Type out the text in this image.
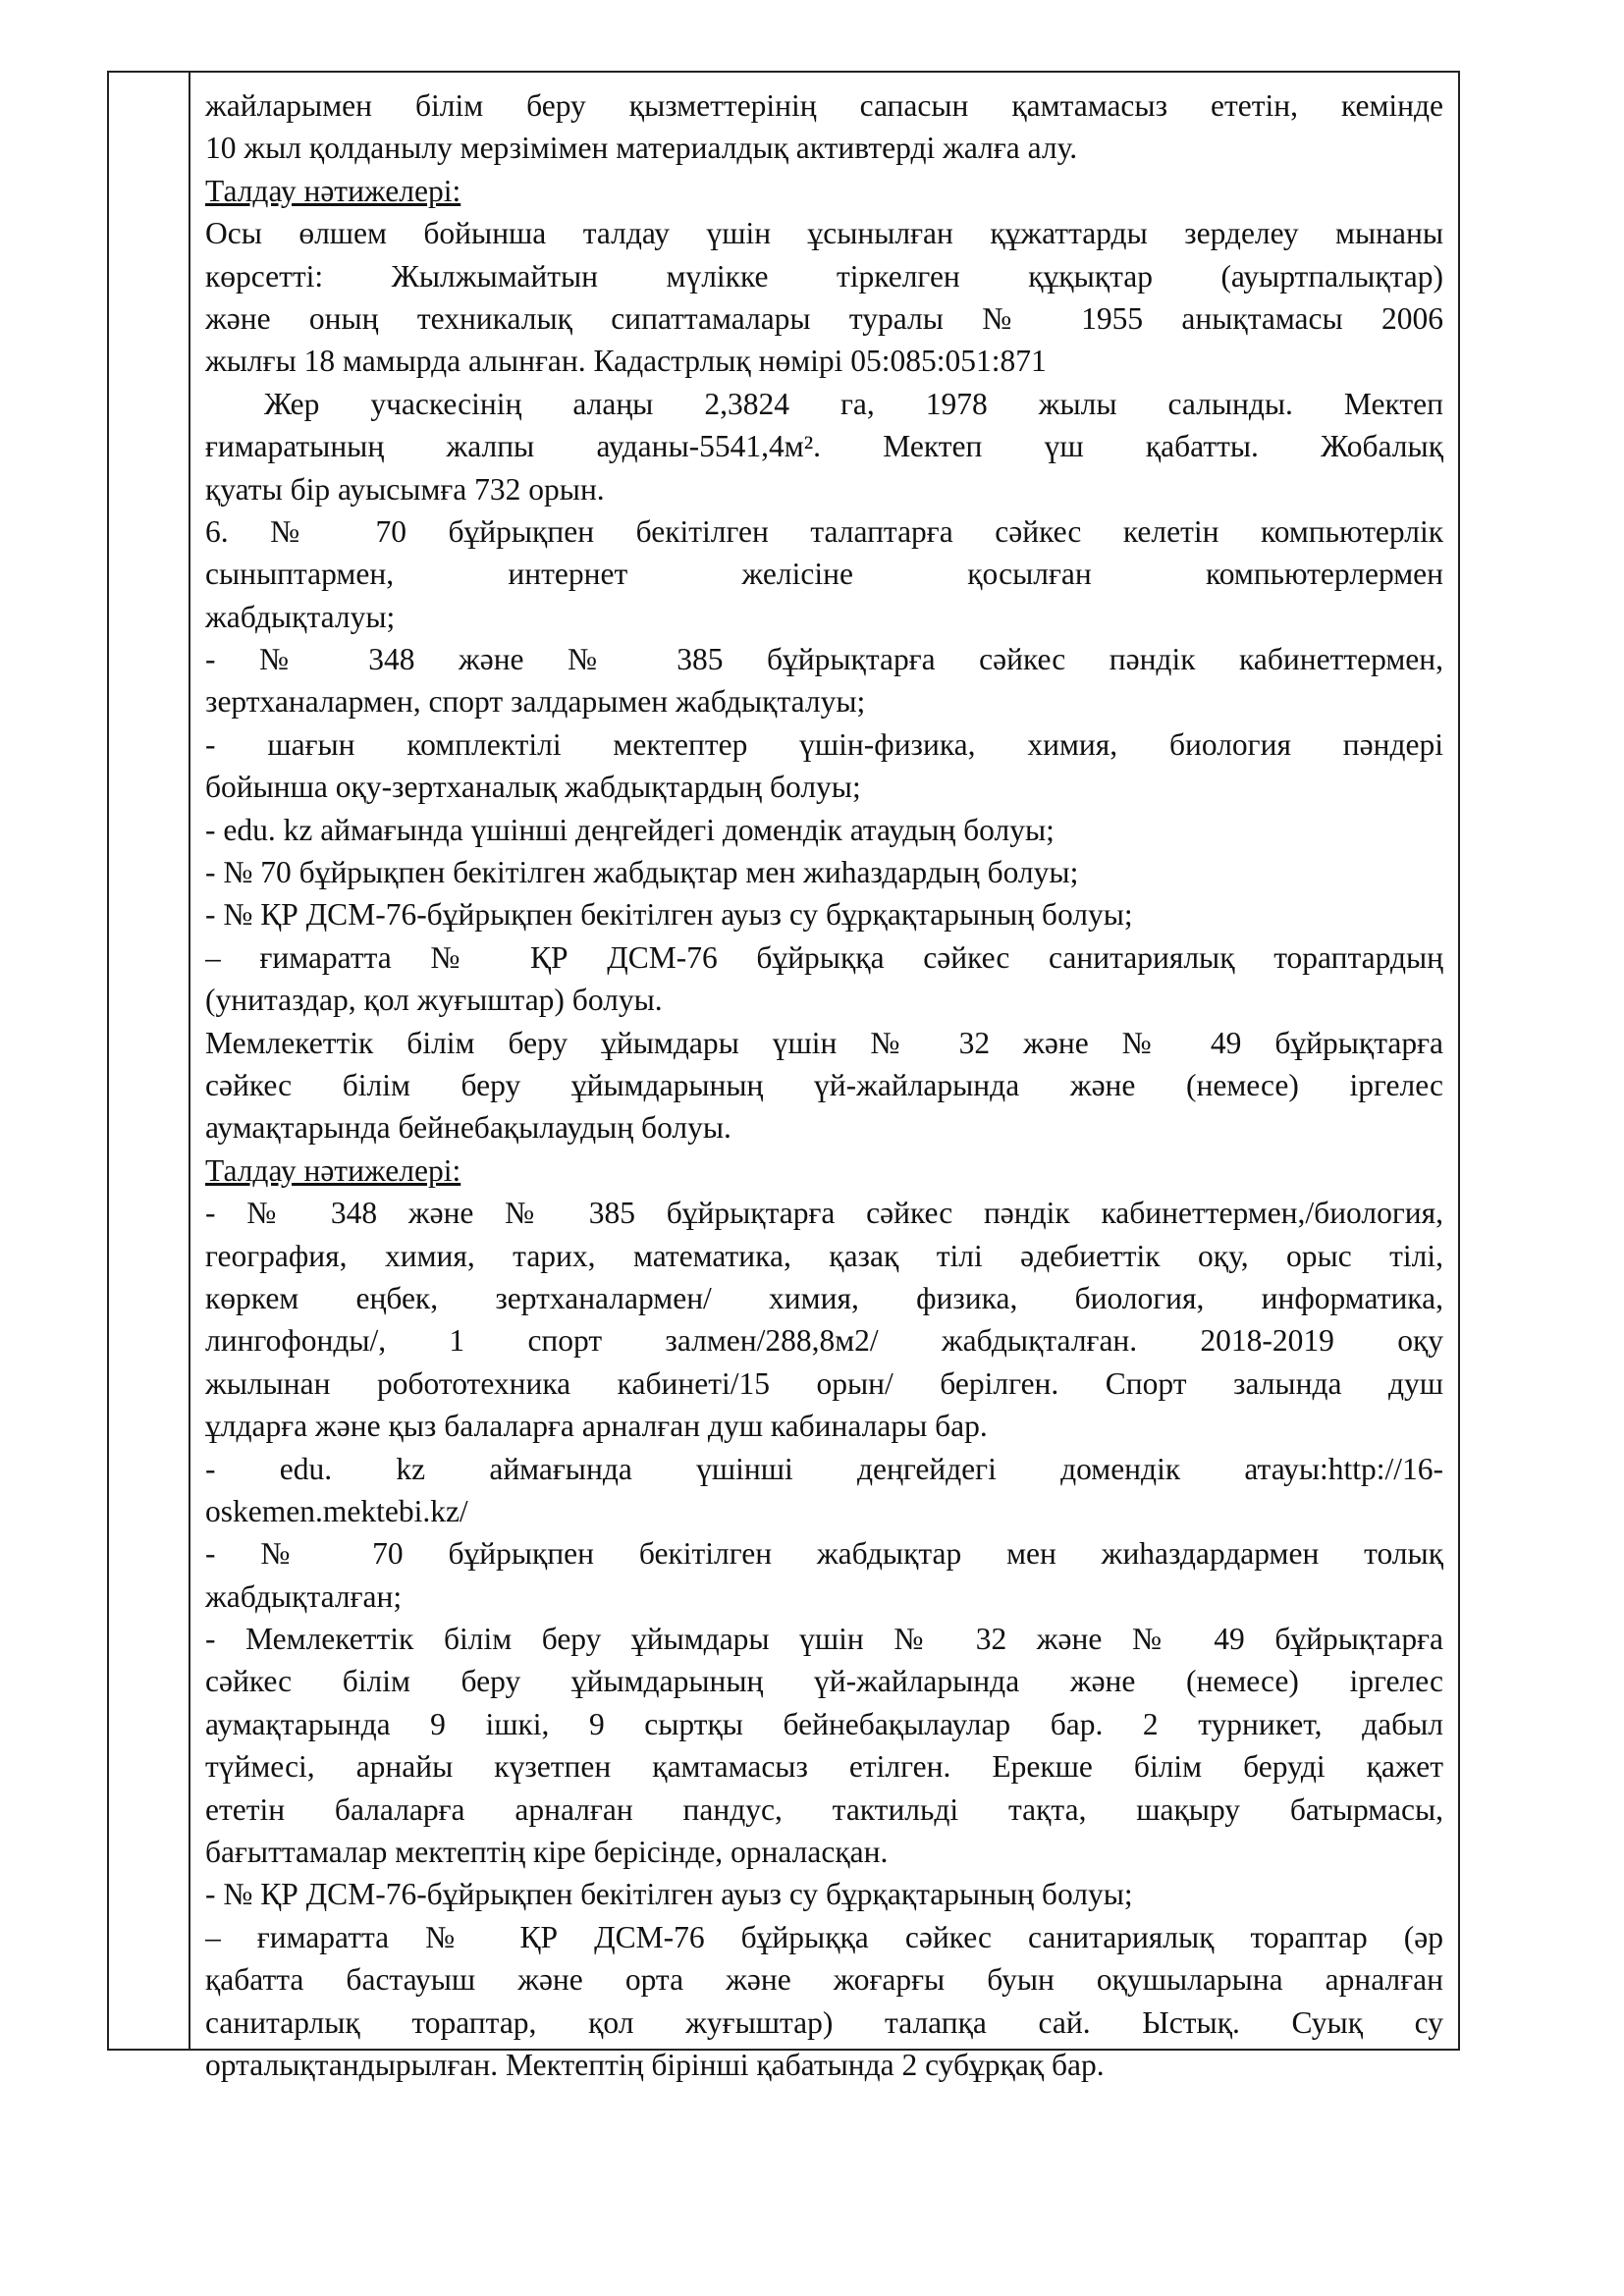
жайларымен білім беру қызметтерінің сапасын қамтамасыз ететін, кемінде
10 жыл қолданылу мерзімімен материалдық активтерді жалға алу.
Талдау нәтижелері:
Осы өлшем бойынша талдау үшін ұсынылған құжаттарды зерделеу мынаны
көрсетті: Жылжымайтын мүлікке тіркелген құқықтар (ауыртпалықтар)
және оның техникалық сипаттамалары туралы № 1955 анықтамасы 2006
жылғы 18 мамырда алынған. Кадастрлық нөмірі 05:085:051:871
Жер учаскесінің алаңы 2,3824 га, 1978 жылы салынды. Мектеп
ғимаратының жалпы ауданы-5541,4м². Мектеп үш қабатты. Жобалық
қуаты бір ауысымға 732 орын.
6. № 70 бұйрықпен бекітілген талаптарға сәйкес келетін компьютерлік
сыныптармен, интернет желісіне қосылған компьютерлермен
жабдықталуы;
- № 348 және № 385 бұйрықтарға сәйкес пәндік кабинеттермен,
зертханалармен, спорт залдарымен жабдықталуы;
- шағын комплектілі мектептер үшін-физика, химия, биология пәндері
бойынша оқу-зертханалық жабдықтардың болуы;
- edu. kz аймағында үшінші деңгейдегі домендік атаудың болуы;
- № 70 бұйрықпен бекітілген жабдықтар мен жиһаздардың болуы;
- № ҚР ДСМ-76-бұйрықпен бекітілген ауыз су бұрқақтарының болуы;
– ғимаратта № ҚР ДСМ-76 бұйрыққа сәйкес санитариялық тораптардың
(унитаздар, қол жуғыштар) болуы.
Мемлекеттік білім беру ұйымдары үшін № 32 және № 49 бұйрықтарға
сәйкес білім беру ұйымдарының үй-жайларында және (немесе) іргелес
аумақтарында бейнебақылаудың болуы.
Талдау нәтижелері:
- № 348 және № 385 бұйрықтарға сәйкес пәндік кабинеттермен,/биология,
география, химия, тарих, математика, қазақ тілі әдебиеттік оқу, орыс тілі,
көркем еңбек, зертханалармен/ химия, физика, биология, информатика,
лингофонды/, 1 спорт залмен/288,8м2/ жабдықталған. 2018-2019 оқу
жылынан робототехника кабинеті/15 орын/ берілген. Спорт залында душ
ұлдарға және қыз балаларға арналған душ кабиналары бар.
- edu. kz аймағында үшінші деңгейдегі домендік атауы:http://16-
oskemen.mektebi.kz/
- № 70 бұйрықпен бекітілген жабдықтар мен жиһаздардармен толық
жабдықталған;
- Мемлекеттік білім беру ұйымдары үшін № 32 және № 49 бұйрықтарға
сәйкес білім беру ұйымдарының үй-жайларында және (немесе) іргелес
аумақтарында 9 ішкі, 9 сыртқы бейнебақылаулар бар. 2 турникет, дабыл
түймесі, арнайы күзетпен қамтамасыз етілген. Ерекше білім беруді қажет
ететін балаларға арналған пандус, тактильді тақта, шақыру батырмасы,
бағыттамалар мектептің кіре берісінде, орналасқан.
- № ҚР ДСМ-76-бұйрықпен бекітілген ауыз су бұрқақтарының болуы;
– ғимаратта № ҚР ДСМ-76 бұйрыққа сәйкес санитариялық тораптар (әр
қабатта бастауыш және орта және жоғарғы буын оқушыларына арналған
санитарлық тораптар, қол жуғыштар) талапқа сай. Ыстық. Суық су
орталықтандырылған. Мектептің бірінші қабатында 2 субұрқақ бар.
